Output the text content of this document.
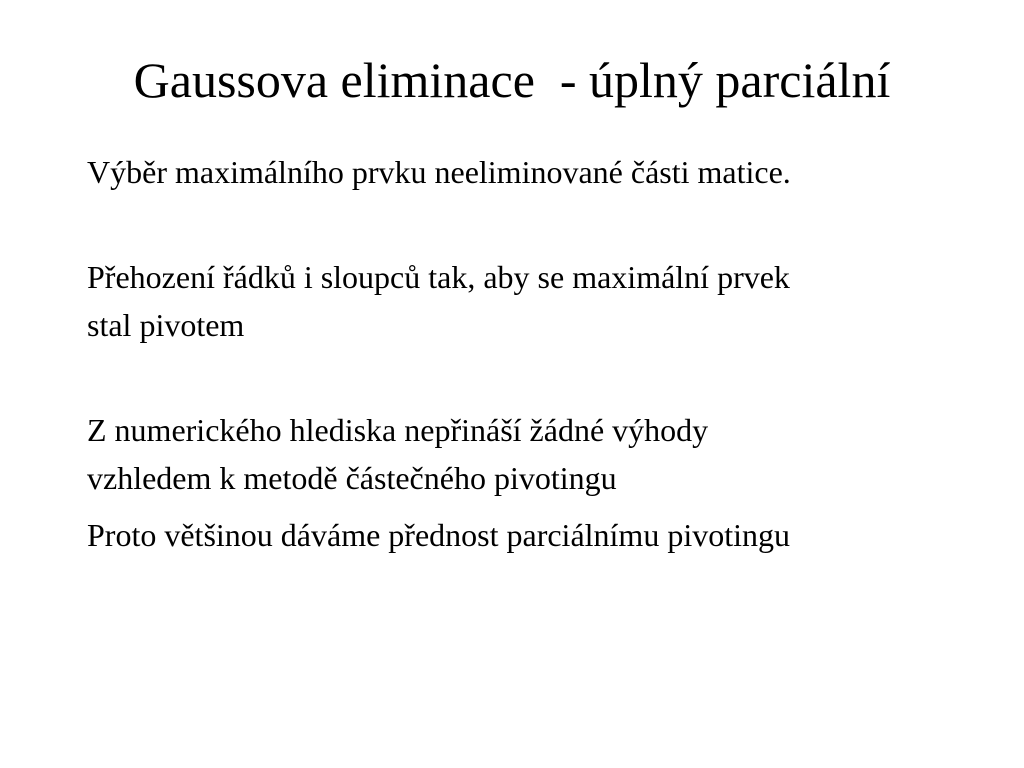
Gaussova eliminace  - úplný parciální
Výběr maximálního prvku neeliminované části matice.
Přehození řádků i sloupců tak, aby se maximální prvek
stal pivotem
Z numerického hlediska nepřináší žádné výhody
vzhledem k metodě částečného pivotingu
Proto většinou dáváme přednost parciálnímu pivotingu
